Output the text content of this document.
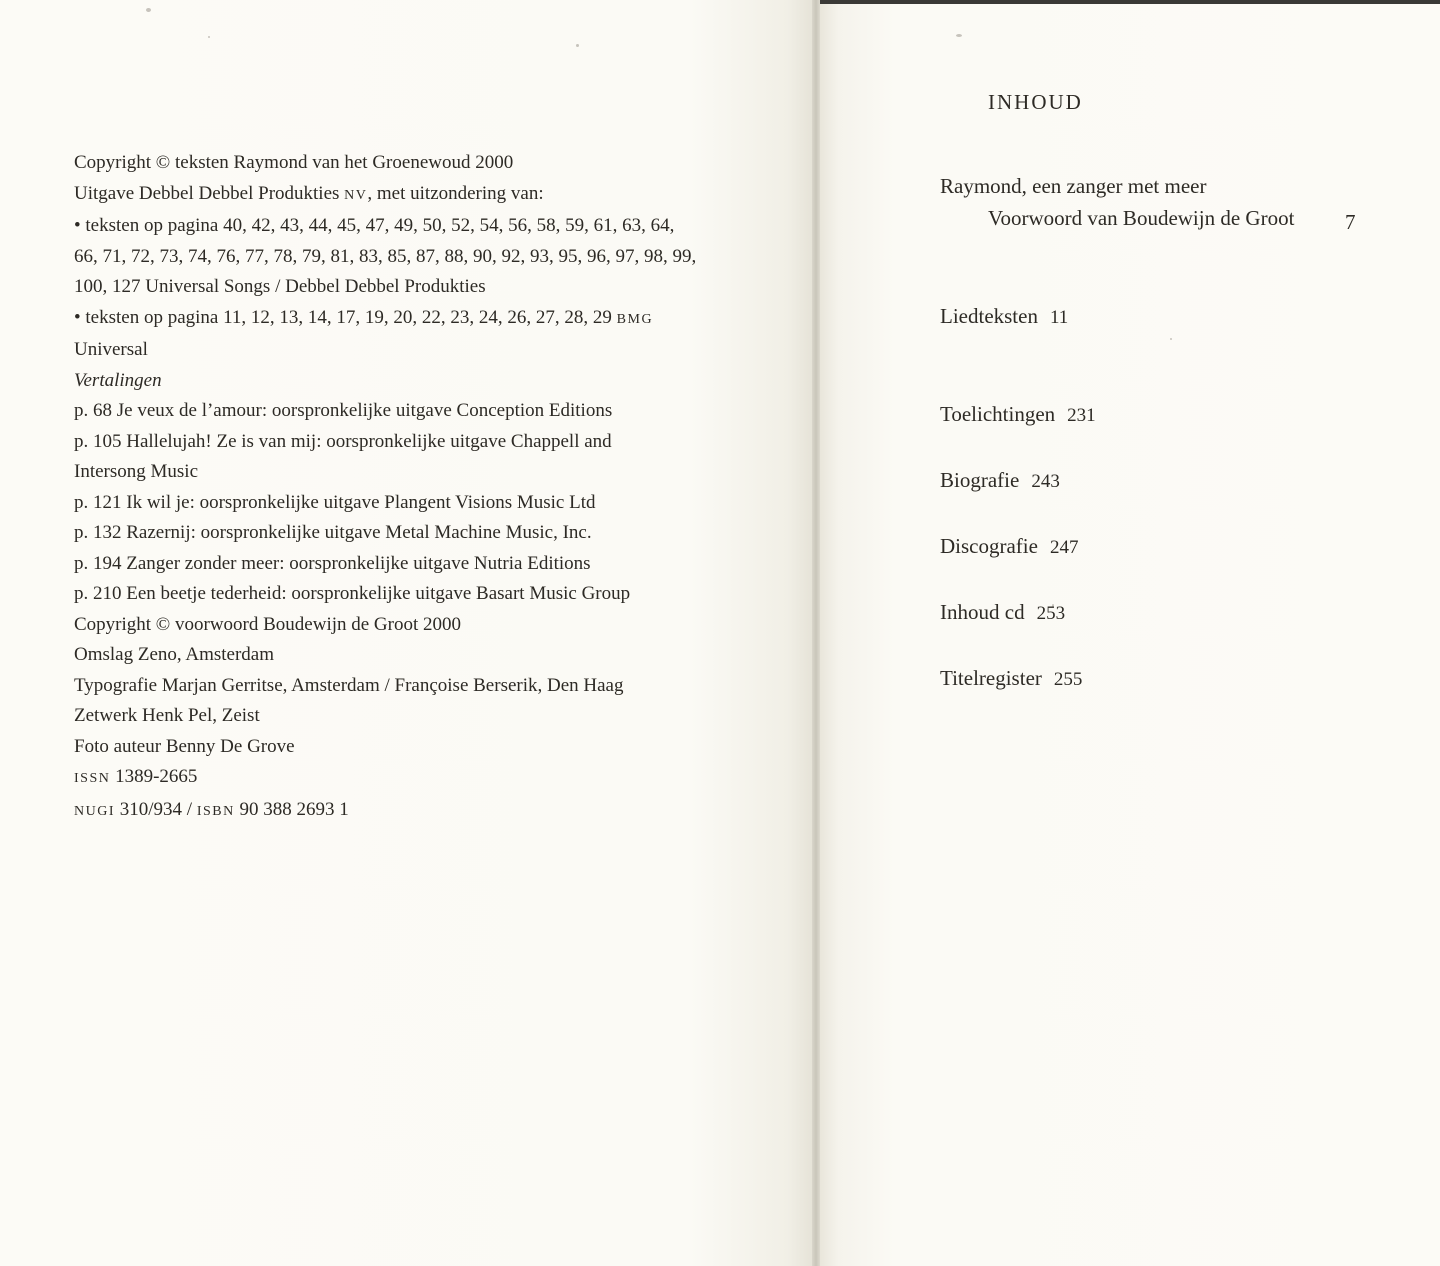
Copyright © teksten Raymond van het Groenewoud 2000
Uitgave Debbel Debbel Produkties NV, met uitzondering van:
• teksten op pagina 40, 42, 43, 44, 45, 47, 49, 50, 52, 54, 56, 58, 59, 61, 63, 64,
66, 71, 72, 73, 74, 76, 77, 78, 79, 81, 83, 85, 87, 88, 90, 92, 93, 95, 96, 97, 98, 99,
100, 127 Universal Songs / Debbel Debbel Produkties
• teksten op pagina 11, 12, 13, 14, 17, 19, 20, 22, 23, 24, 26, 27, 28, 29 BMG
Universal
Vertalingen
p. 68 Je veux de l’amour: oorspronkelijke uitgave Conception Editions
p. 105 Hallelujah! Ze is van mij: oorspronkelijke uitgave Chappell and
Intersong Music
p. 121 Ik wil je: oorspronkelijke uitgave Plangent Visions Music Ltd
p. 132 Razernij: oorspronkelijke uitgave Metal Machine Music, Inc.
p. 194 Zanger zonder meer: oorspronkelijke uitgave Nutria Editions
p. 210 Een beetje tederheid: oorspronkelijke uitgave Basart Music Group
Copyright © voorwoord Boudewijn de Groot 2000
Omslag Zeno, Amsterdam
Typografie Marjan Gerritse, Amsterdam / Françoise Berserik, Den Haag
Zetwerk Henk Pel, Zeist
Foto auteur Benny De Grove
ISSN 1389-2665
NUGI 310/934 / ISBN 90 388 2693 1
INHOUD
Raymond, een zanger met meer
Voorwoord van Boudewijn de Groot 7
Liedteksten 11
Toelichtingen 231
Biografie 243
Discografie 247
Inhoud cd 253
Titelregister 255
